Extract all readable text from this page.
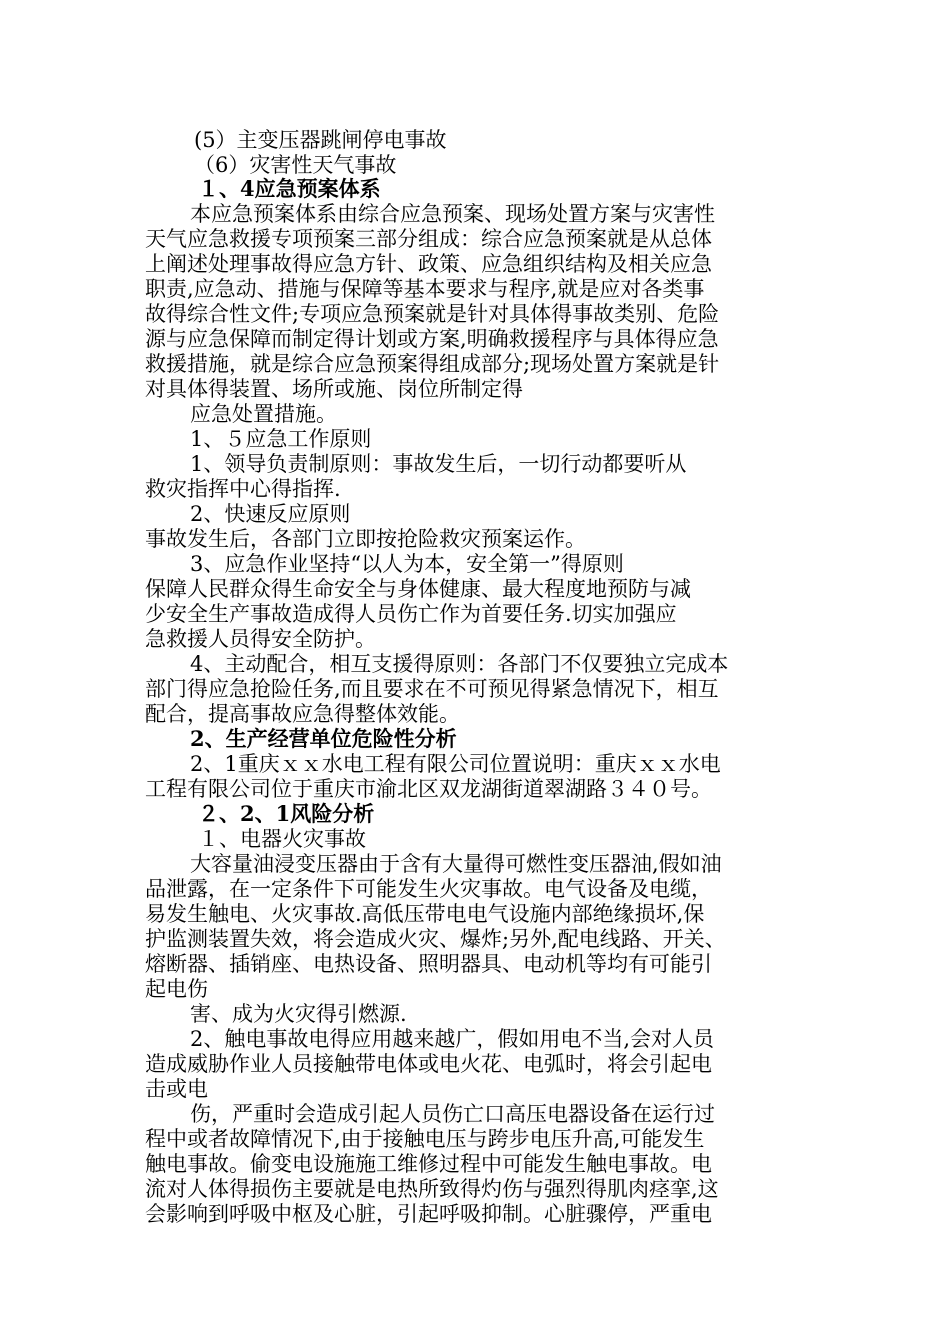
(5）主变压器跳闸停电事故

（6）灾害性天气事故

１、4应急预案体系

本应急预案体系由综合应急预案、现场处置方案与灾害性

天气应急救援专项预案三部分组成：综合应急预案就是从总体

上阐述处理事故得应急方针、政策、应急组织结构及相关应急

职责,应急动、措施与保障等基本要求与程序,就是应对各类事

故得综合性文件;专项应急预案就是针对具体得事故类别、危险

源与应急保障而制定得计划或方案,明确救援程序与具体得应急

救援措施，就是综合应急预案得组成部分;现场处置方案就是针

对具体得装置、场所或施、岗位所制定得

应急处置措施。

1、５应急工作原则

1、领导负责制原则：事故发生后，一切行动都要听从

救灾指挥中心得指挥.

2、快速反应原则

事故发生后，各部门立即按抢险救灾预案运作。

3、应急作业坚持“以人为本，安全第一”得原则

保障人民群众得生命安全与身体健康、最大程度地预防与减

少安全生产事故造成得人员伤亡作为首要任务.切实加强应

急救援人员得安全防护。

4、主动配合，相互支援得原则：各部门不仅要独立完成本

部门得应急抢险任务,而且要求在不可预见得紧急情况下，相互

配合，提高事故应急得整体效能。

2、生产经营单位危险性分析

2、1重庆ｘｘ水电工程有限公司位置说明：重庆ｘｘ水电

工程有限公司位于重庆市渝北区双龙湖街道翠湖路３４０号。

２、2、1风险分析

１、电器火灾事故

大容量油浸变压器由于含有大量得可燃性变压器油,假如油

品泄露，在一定条件下可能发生火灾事故。电气设备及电缆，

易发生触电、火灾事故.高低压带电电气设施内部绝缘损坏,保

护监测装置失效，将会造成火灾、爆炸;另外,配电线路、开关、

熔断器、插销座、电热设备、照明器具、电动机等均有可能引

起电伤

害、成为火灾得引燃源.

2、触电事故电得应用越来越广，假如用电不当,会对人员

造成威胁作业人员接触带电体或电火花、电弧时，将会引起电

击或电

伤，严重时会造成引起人员伤亡口高压电器设备在运行过

程中或者故障情况下,由于接触电压与跨步电压升高,可能发生

触电事故。偷变电设施施工维修过程中可能发生触电事故。电

流对人体得损伤主要就是电热所致得灼伤与强烈得肌肉痉挛,这

会影响到呼吸中枢及心脏，引起呼吸抑制。心脏骤停，严重电
